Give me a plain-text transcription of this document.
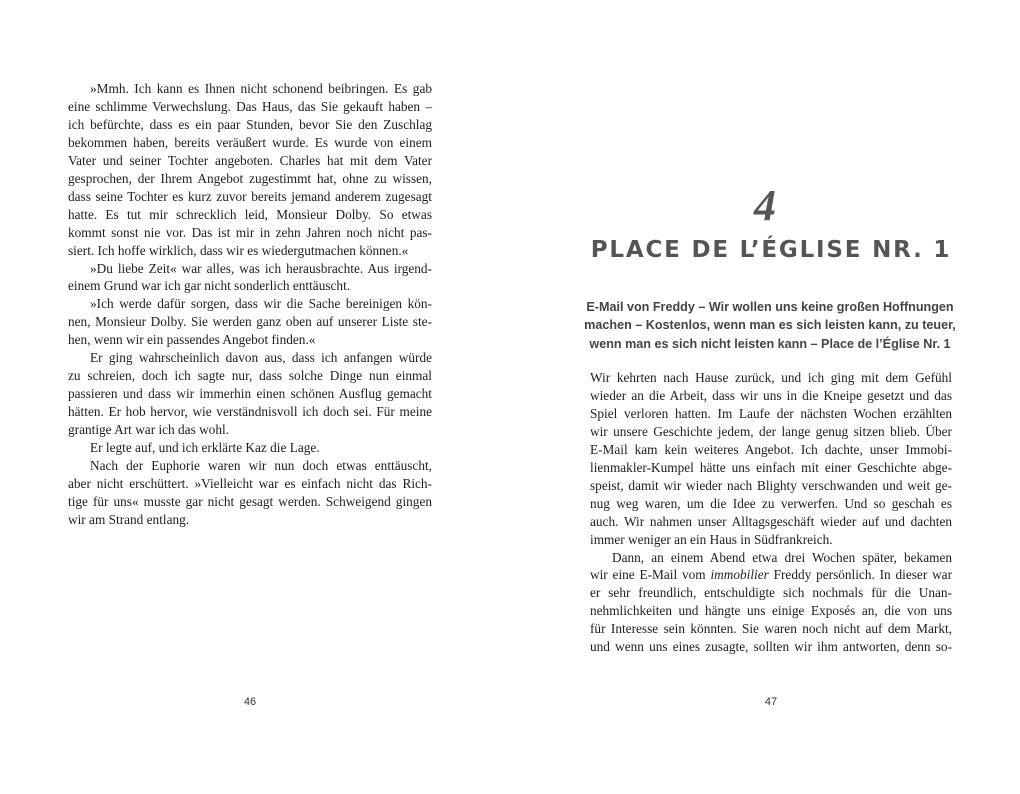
»Mmh. Ich kann es Ihnen nicht schonend beibringen. Es gab
eine schlimme Verwechslung. Das Haus, das Sie gekauft haben –
ich befürchte, dass es ein paar Stunden, bevor Sie den Zuschlag
bekommen haben, bereits veräußert wurde. Es wurde von einem
Vater und seiner Tochter angeboten. Charles hat mit dem Vater
gesprochen, der Ihrem Angebot zugestimmt hat, ohne zu wissen,
dass seine Tochter es kurz zuvor bereits jemand anderem zugesagt
hatte. Es tut mir schrecklich leid, Monsieur Dolby. So etwas
kommt sonst nie vor. Das ist mir in zehn Jahren noch nicht pas-
siert. Ich hoffe wirklich, dass wir es wiedergutmachen können.«
»Du liebe Zeit« war alles, was ich herausbrachte. Aus irgend-
einem Grund war ich gar nicht sonderlich enttäuscht.
»Ich werde dafür sorgen, dass wir die Sache bereinigen kön-
nen, Monsieur Dolby. Sie werden ganz oben auf unserer Liste ste-
hen, wenn wir ein passendes Angebot finden.«
Er ging wahrscheinlich davon aus, dass ich anfangen würde
zu schreien, doch ich sagte nur, dass solche Dinge nun einmal
passieren und dass wir immerhin einen schönen Ausflug gemacht
hätten. Er hob hervor, wie verständnisvoll ich doch sei. Für meine
grantige Art war ich das wohl.
Er legte auf, und ich erklärte Kaz die Lage.
Nach der Euphorie waren wir nun doch etwas enttäuscht,
aber nicht erschüttert. »Vielleicht war es einfach nicht das Rich-
tige für uns« musste gar nicht gesagt werden. Schweigend gingen
wir am Strand entlang.
46
4
PLACE DE L’ÉGLISE NR. 1
E-Mail von Freddy – Wir wollen uns keine großen Hoffnungen
machen – Kostenlos, wenn man es sich leisten kann, zu teuer,
wenn man es sich nicht leisten kann – Place de l’Église Nr. 1
Wir kehrten nach Hause zurück, und ich ging mit dem Gefühl
wieder an die Arbeit, dass wir uns in die Kneipe gesetzt und das
Spiel verloren hatten. Im Laufe der nächsten Wochen erzählten
wir unsere Geschichte jedem, der lange genug sitzen blieb. Über
E-Mail kam kein weiteres Angebot. Ich dachte, unser Immobi-
lienmakler-Kumpel hätte uns einfach mit einer Geschichte abge-
speist, damit wir wieder nach Blighty verschwanden und weit ge-
nug weg waren, um die Idee zu verwerfen. Und so geschah es
auch. Wir nahmen unser Alltagsgeschäft wieder auf und dachten
immer weniger an ein Haus in Südfrankreich.
Dann, an einem Abend etwa drei Wochen später, bekamen
wir eine E-Mail vom immobilier Freddy persönlich. In dieser war
er sehr freundlich, entschuldigte sich nochmals für die Unan-
nehmlichkeiten und hängte uns einige Exposés an, die von uns
für Interesse sein könnten. Sie waren noch nicht auf dem Markt,
und wenn uns eines zusagte, sollten wir ihm antworten, denn so-
47
